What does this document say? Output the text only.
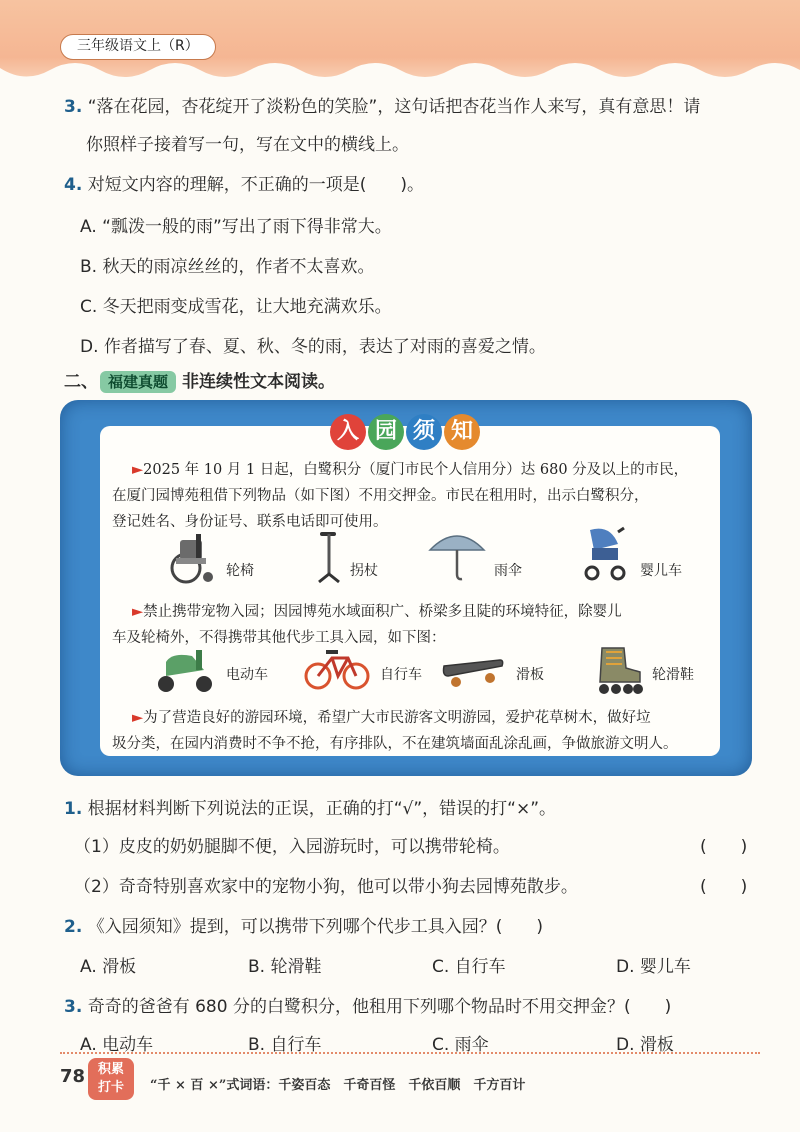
三年级语文上（R）
3. “落在花园，杏花绽开了淡粉色的笑脸”，这句话把杏花当作人来写，真有意思！请
你照样子接着写一句，写在文中的横线上。
4. 对短文内容的理解，不正确的一项是(　　)。
A. “瓢泼一般的雨”写出了雨下得非常大。
B. 秋天的雨凉丝丝的，作者不太喜欢。
C. 冬天把雨变成雪花，让大地充满欢乐。
D. 作者描写了春、夏、秋、冬的雨，表达了对雨的喜爱之情。
二、 福建真题 非连续性文本阅读。
入 园 须 知
►2025 年 10 月 1 日起，白鹭积分（厦门市民个人信用分）达 680 分及以上的市民，
在厦门园博苑租借下列物品（如下图）不用交押金。市民在租用时，出示白鹭积分，
登记姓名、身份证号、联系电话即可使用。
轮椅	拐杖	雨伞	婴儿车
►禁止携带宠物入园；因园博苑水域面积广、桥梁多且陡的环境特征，除婴儿
车及轮椅外，不得携带其他代步工具入园，如下图：
电动车	自行车	滑板	轮滑鞋
►为了营造良好的游园环境，希望广大市民游客文明游园，爱护花草树木，做好垃
圾分类，在园内消费时不争不抢，有序排队，不在建筑墙面乱涂乱画，争做旅游文明人。
1. 根据材料判断下列说法的正误，正确的打“√”，错误的打“×”。
（1）皮皮的奶奶腿脚不便，入园游玩时，可以携带轮椅。	(　　)
（2）奇奇特别喜欢家中的宠物小狗，他可以带小狗去园博苑散步。	(　　)
2. 《入园须知》提到，可以携带下列哪个代步工具入园？(　　)
A. 滑板	B. 轮滑鞋	C. 自行车	D. 婴儿车
3. 奇奇的爸爸有 680 分的白鹭积分，他租用下列哪个物品时不用交押金？(　　)
A. 电动车	B. 自行车	C. 雨伞	D. 滑板
78 积累
打卡	“千 × 百 ×”式词语：千姿百态　千奇百怪　千依百顺　千方百计
